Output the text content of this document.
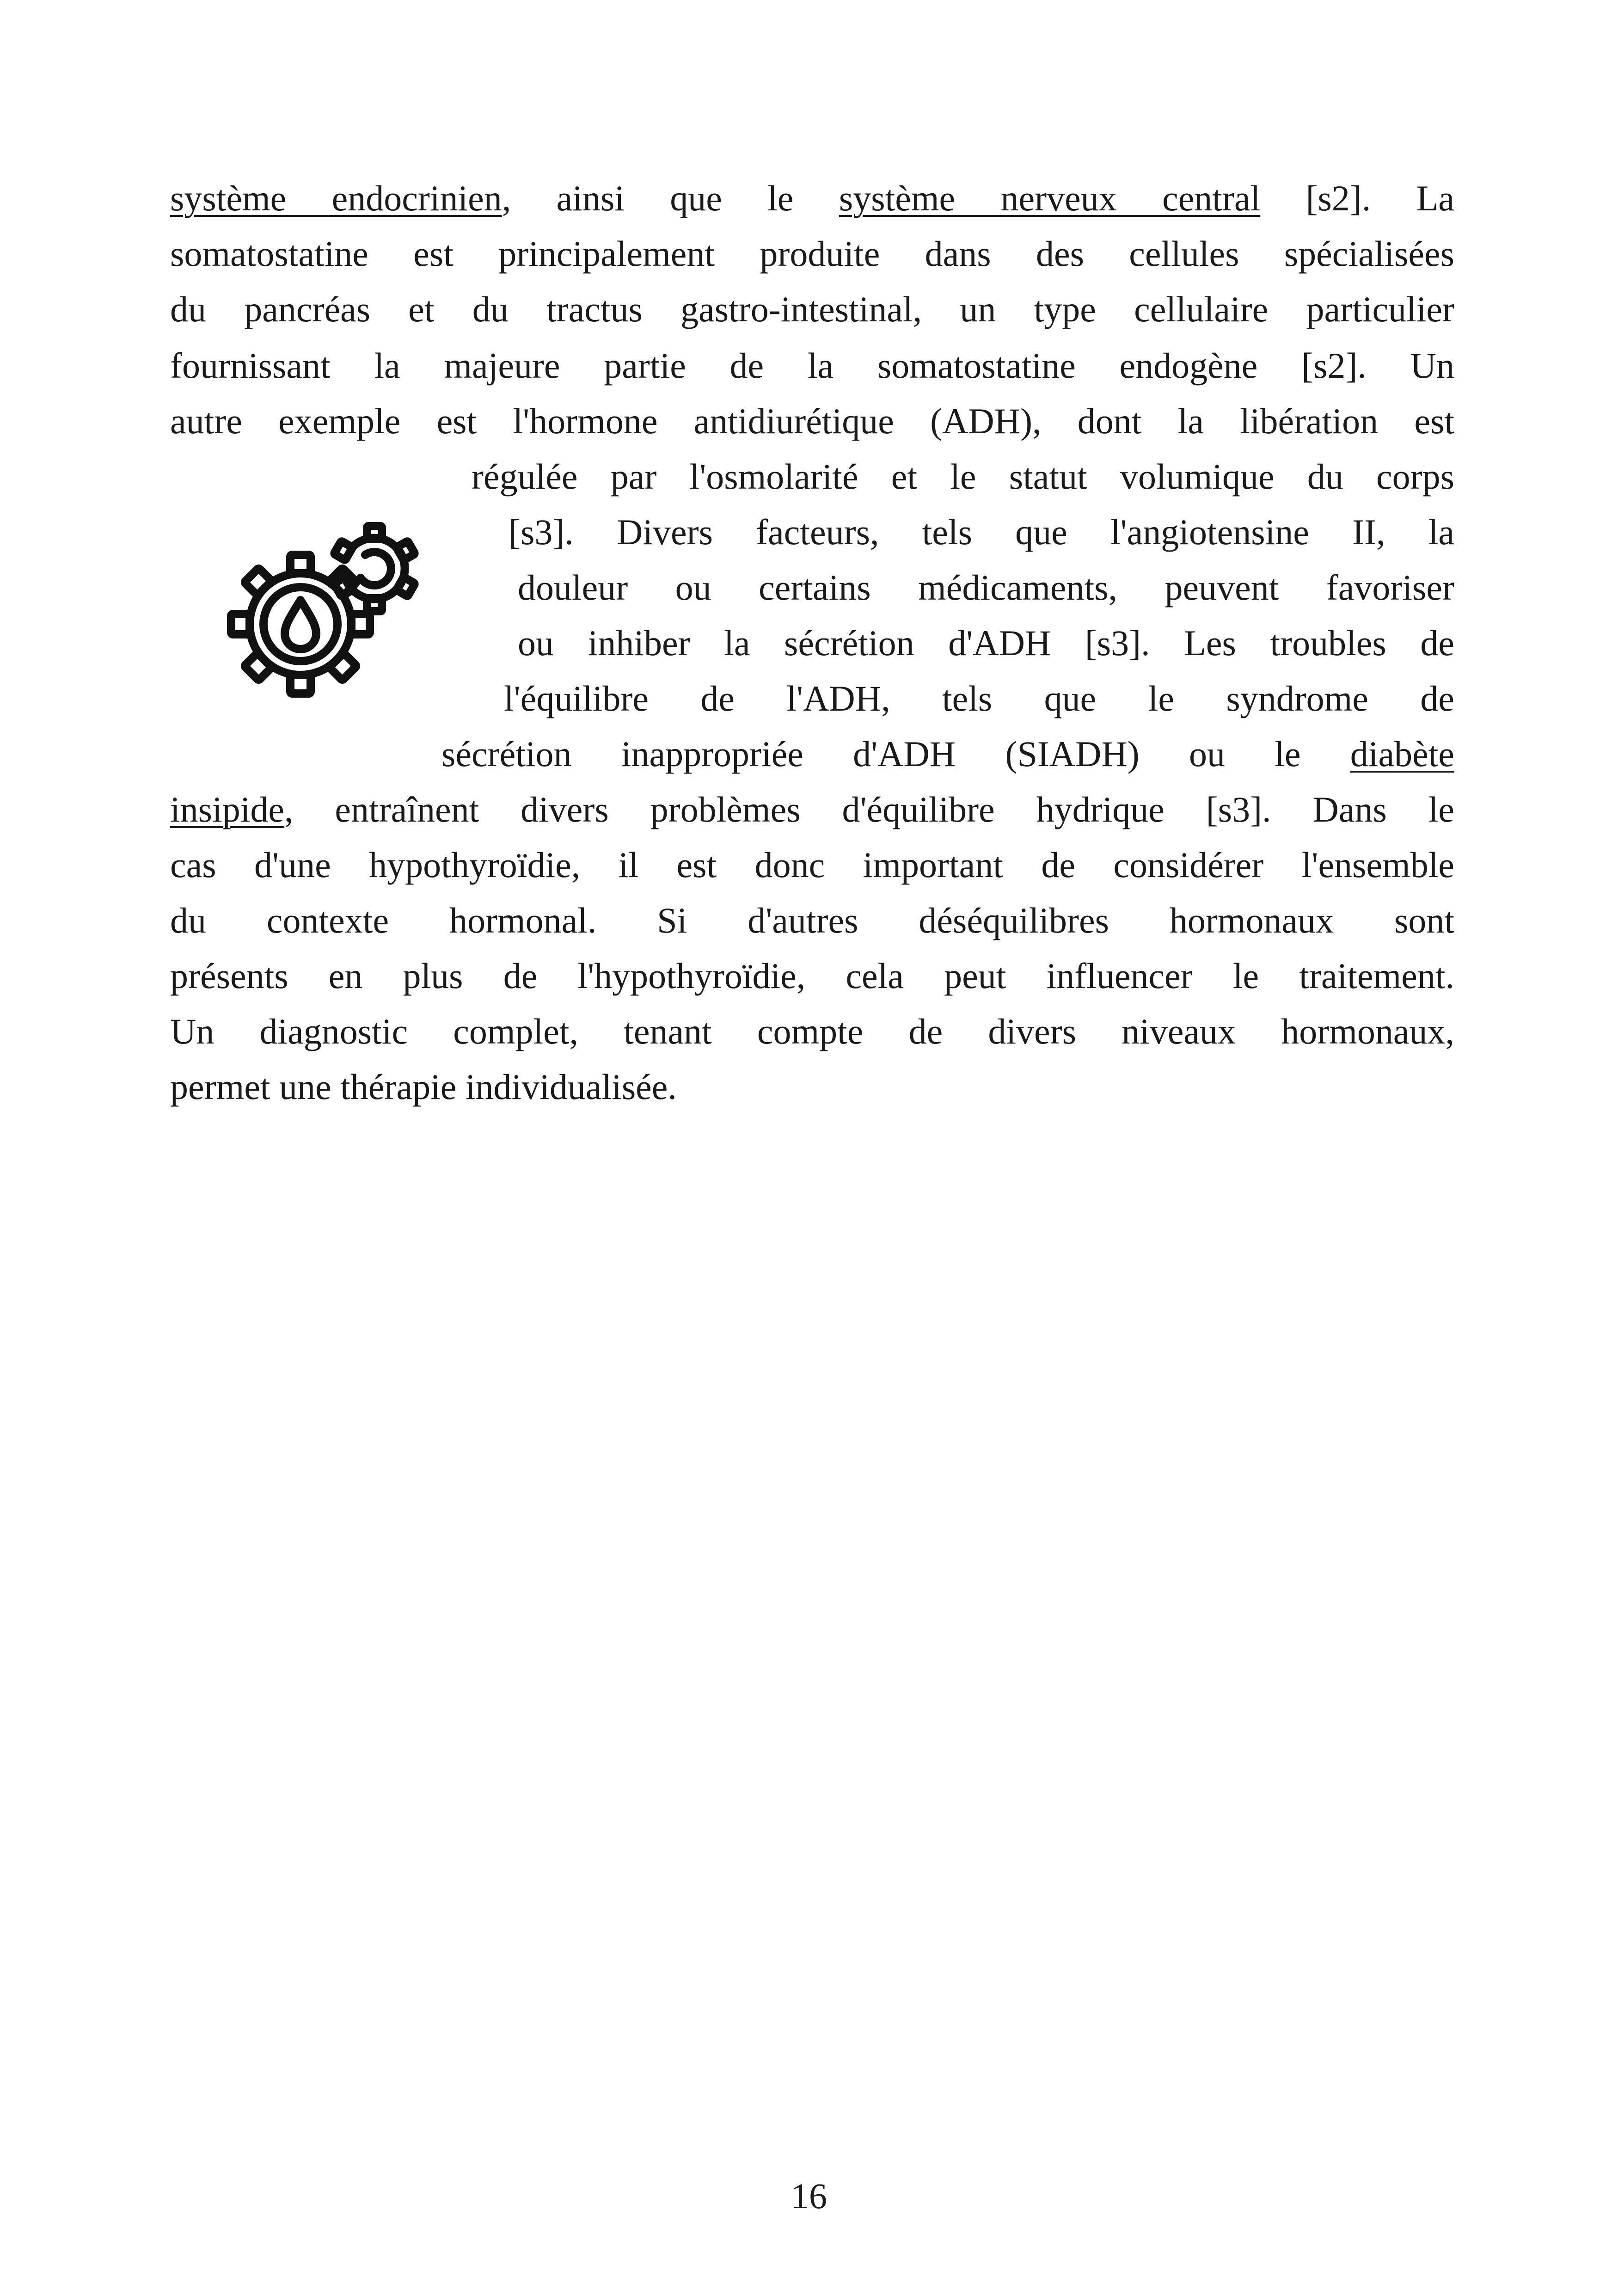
système endocrinien, ainsi que le système nerveux central [s2]. La
somatostatine est principalement produite dans des cellules spécialisées
du pancréas et du tractus gastro-intestinal, un type cellulaire particulier
fournissant la majeure partie de la somatostatine endogène [s2]. Un
autre exemple est l'hormone antidiurétique (ADH), dont la libération est
régulée par l'osmolarité et le statut volumique du corps
[s3]. Divers facteurs, tels que l'angiotensine II, la
douleur ou certains médicaments, peuvent favoriser
ou inhiber la sécrétion d'ADH [s3]. Les troubles de
l'équilibre de l'ADH, tels que le syndrome de
sécrétion inappropriée d'ADH (SIADH) ou le diabète
insipide, entraînent divers problèmes d'équilibre hydrique [s3]. Dans le
cas d'une hypothyroïdie, il est donc important de considérer l'ensemble
du contexte hormonal. Si d'autres déséquilibres hormonaux sont
présents en plus de l'hypothyroïdie, cela peut influencer le traitement.
Un diagnostic complet, tenant compte de divers niveaux hormonaux,
permet une thérapie individualisée.
16
